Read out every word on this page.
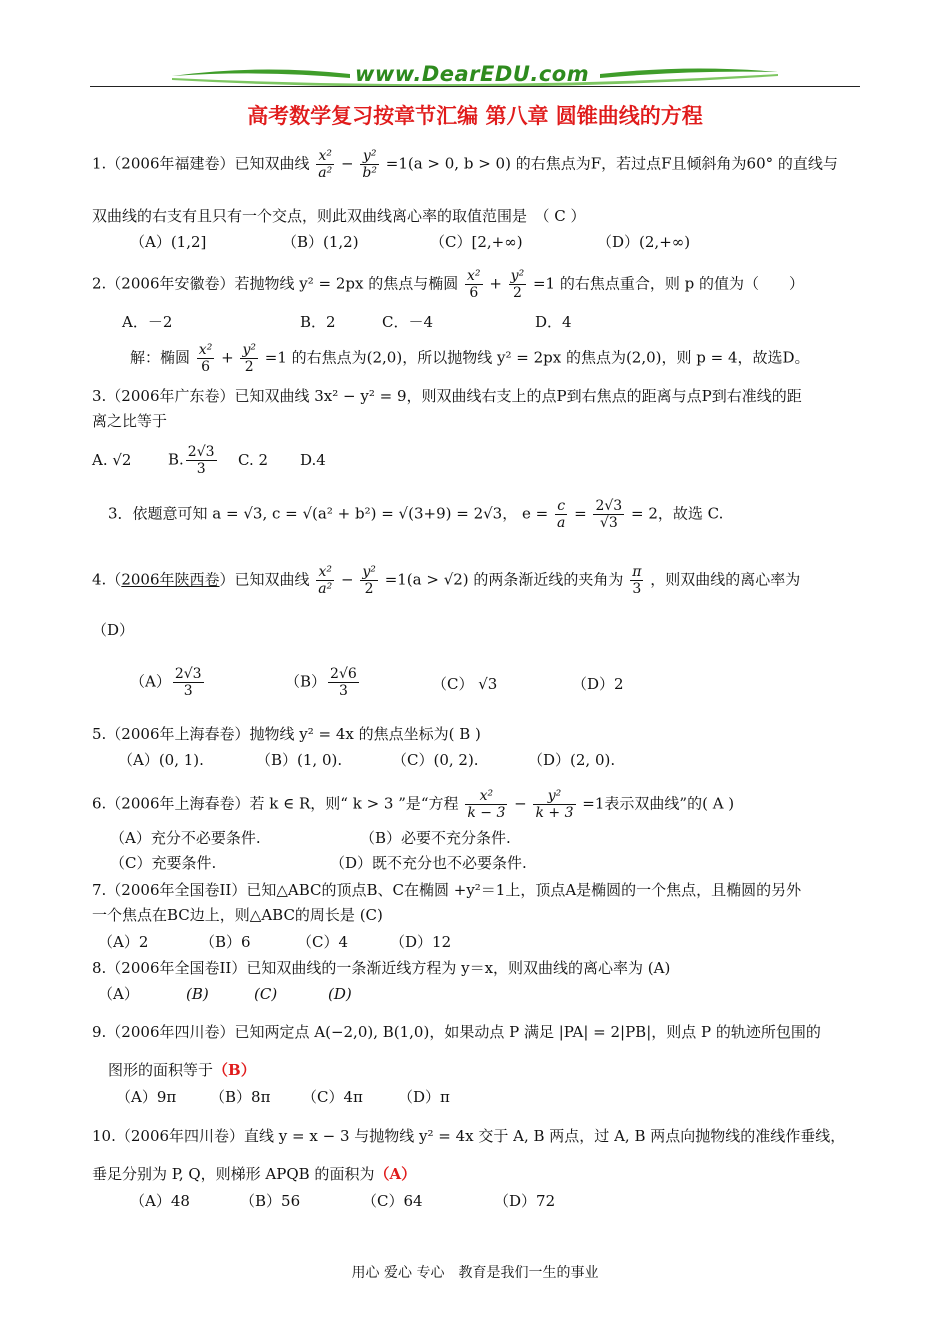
www.DearEDU.com
高考数学复习按章节汇编 第八章 圆锥曲线的方程
1.（2006年福建卷）已知双曲线 $\frac{\text{x²}}{\text{a²}} - \frac{\text{y²}}{\text{b²}} =1(a > 0$, b > 0) 的右焦点为F，若过点F且倾斜角为60° 的直线与
双曲线的右支有且只有一个交点，则此双曲线离心率的取值范围是　（ C ）
（A）(1,2]	（B）(1,2)	（C）[2,+∞)	（D）(2,+∞)
2.（2006年安徽卷）若抛物线 y² = 2px 的焦点与椭圆 $\frac{\text{x²}}{6} + \frac{\text{y²}}{2} =1$ 的右焦点重合，则 p 的值为（　　）
A．－2	B．2	C．－4	D．4
解：椭圆 $\frac{\text{x²}}{6} + \frac{\text{y²}}{2} =1$ 的右焦点为(2,0)，所以抛物线 y² = 2px 的焦点为(2,0)，则 p = 4，故选D。
3.（2006年广东卷）已知双曲线 3x² − y² = 9，则双曲线右支上的点P到右焦点的距离与点P到右准线的距
离之比等于
A. √2 B. $\frac{2√3}{3} C$. 2 D.4
3．依题意可知 a = √3, c = √(a² + b²) = √(3+9) = 2√3， $e = \frac{c}{a} = \frac{2√3}{√3} = 2$，故选 C.
4.（2006年陕西卷）已知双曲线 $\frac{\text{x²}}{\text{a²}} - \frac{\text{y²}}{2} =1(a > √2)$ 的两条渐近线的夹角为 $\frac{\pi}{3}$ ，则双曲线的离心率为
（D）
$(A) \frac{2√3}{3}$	$(B) \frac{2√6}{3}$	（C） √3	（D）2
5.（2006年上海春卷）抛物线 y² = 4x 的焦点坐标为( B )
（A）(0, 1).	（B）(1, 0).	（C）(0, 2).	（D）(2, 0).
6.（2006年上海春卷）若 k ∈ R，则“ k > 3 ”是“方程 $\frac{\text{x²}}{k - 3} - \frac{\text{y²}}{k + 3} =1$表示双曲线”的( A )
（A）充分不必要条件.	（B）必要不充分条件.
（C）充要条件.	（D）既不充分也不必要条件.
7.（2006年全国卷II）已知△ABC的顶点B、C在椭圆 +y²＝1上，顶点A是椭圆的一个焦点，且椭圆的另外
一个焦点在BC边上，则△ABC的周长是 (C)
（A）2	（B）6	（C）4	（D）12
8.（2006年全国卷II）已知双曲线的一条渐近线方程为 y＝x，则双曲线的离心率为 (A)
（A）	(B)	(C)	(D)
9.（2006年四川卷）已知两定点 A(−2,0), B(1,0)，如果动点 P 满足 |PA| = 2|PB|，则点 P 的轨迹所包围的
图形的面积等于（B）
（A）9π （B）8π （C）4π （D）π
10.（2006年四川卷）直线 y = x − 3 与抛物线 y² = 4x 交于 A, B 两点，过 A, B 两点向抛物线的准线作垂线，
垂足分别为 P, Q，则梯形 APQB 的面积为（A）
（A）48	（B）56	（C）64	（D）72
用心 爱心 专心　教育是我们一生的事业
